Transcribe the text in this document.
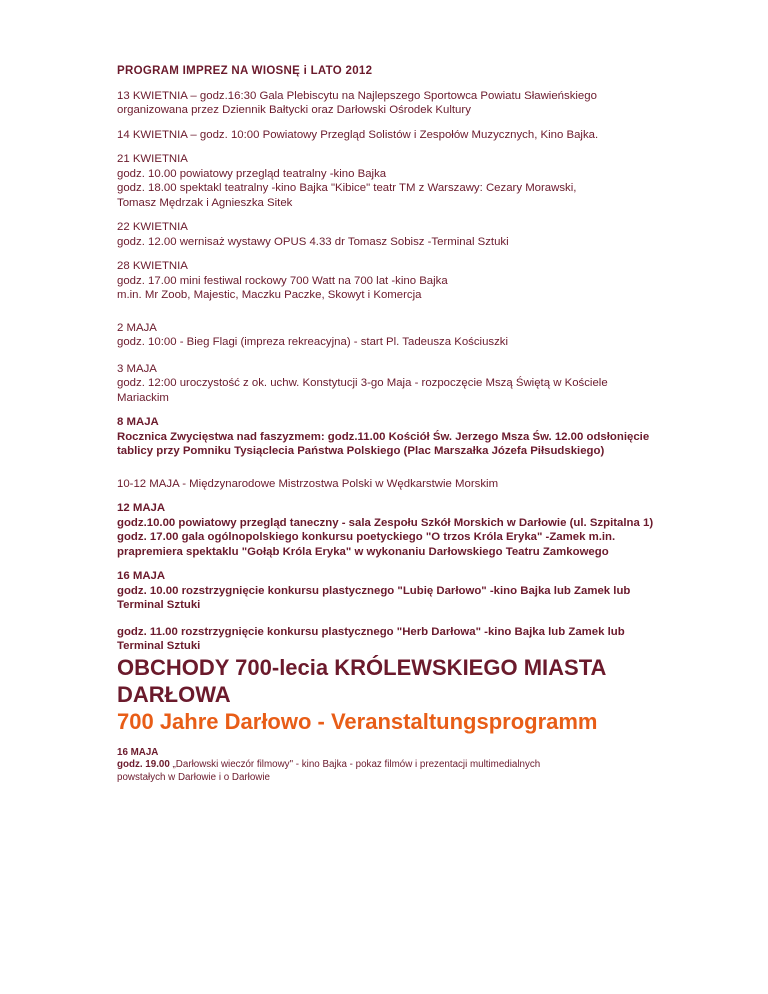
PROGRAM IMPREZ NA WIOSNĘ i LATO 2012

13 KWIETNIA – godz.16:30 Gala Plebiscytu na Najlepszego Sportowca Powiatu Sławieńskiego

organizowana przez Dziennik Bałtycki oraz Darłowski Ośrodek Kultury

14 KWIETNIA – godz. 10:00 Powiatowy Przegląd Solistów i Zespołów Muzycznych, Kino Bajka.

21 KWIETNIA

godz. 10.00 powiatowy przegląd teatralny -kino Bajka

godz. 18.00 spektakl teatralny -kino Bajka "Kibice" teatr TM z Warszawy: Cezary Morawski,

Tomasz Mędrzak i Agnieszka Sitek

22 KWIETNIA

godz. 12.00 wernisaż wystawy OPUS 4.33 dr Tomasz Sobisz -Terminal Sztuki

28 KWIETNIA

godz. 17.00 mini festiwal rockowy 700 Watt na 700 lat -kino Bajka

m.in. Mr Zoob, Majestic, Maczku Paczke, Skowyt i Komercja

2 MAJA

godz. 10:00 - Bieg Flagi (impreza rekreacyjna) - start Pl. Tadeusza Kościuszki

3 MAJA

godz. 12:00 uroczystość z ok. uchw. Konstytucji 3-go Maja - rozpoczęcie Mszą Świętą w Kościele

Mariackim

8 MAJA

Rocznica Zwycięstwa nad faszyzmem: godz.11.00 Kościół Św. Jerzego Msza Św. 12.00 odsłonięcie

tablicy przy Pomniku Tysiąclecia Państwa Polskiego (Plac Marszałka Józefa Piłsudskiego)

10-12 MAJA - Międzynarodowe Mistrzostwa Polski w Wędkarstwie Morskim

12 MAJA

godz.10.00 powiatowy przegląd taneczny - sala Zespołu Szkół Morskich w Darłowie (ul. Szpitalna 1)

godz. 17.00 gala ogólnopolskiego konkursu poetyckiego "O trzos Króla Eryka" -Zamek m.in.

prapremiera spektaklu "Gołąb Króla Eryka" w wykonaniu Darłowskiego Teatru Zamkowego

16 MAJA

godz. 10.00 rozstrzygnięcie konkursu plastycznego "Lubię Darłowo" -kino Bajka lub Zamek lub

Terminal Sztuki

godz. 11.00 rozstrzygnięcie konkursu plastycznego "Herb Darłowa" -kino Bajka lub Zamek lub

Terminal Sztuki

OBCHODY 700-lecia KRÓLEWSKIEGO MIASTA
DARŁOWA

700 Jahre Darłowo - Veranstaltungsprogramm

16 MAJA

godz. 19.00 „Darłowski wieczór filmowy" - kino Bajka - pokaz filmów i prezentacji multimedialnych

powstałych w Darłowie i o Darłowie
